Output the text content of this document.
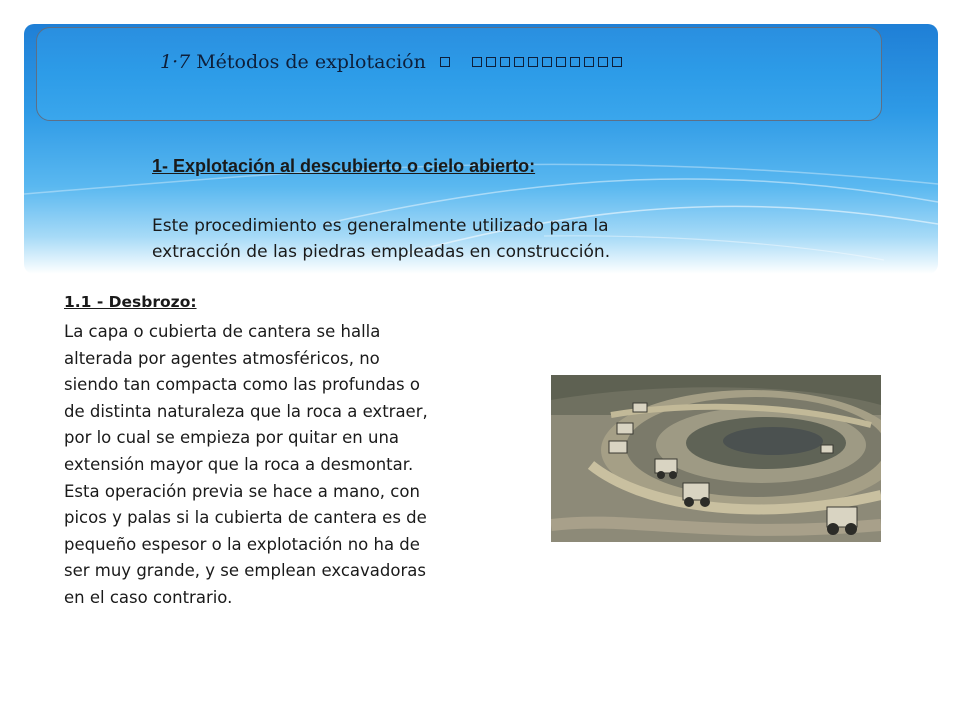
1·7 Métodos de explotación
1- Explotación al descubierto o cielo abierto:
Este procedimiento es generalmente utilizado para la
extracción de las piedras empleadas en construcción.
1.1 - Desbrozo:
La capa o cubierta de cantera se halla
alterada por agentes atmosféricos, no
siendo tan compacta como las profundas o
de distinta naturaleza que la roca a extraer,
por lo cual se empieza por quitar en una
extensión mayor que la roca a desmontar.
Esta operación previa se hace a mano, con
picos y palas si la cubierta de cantera es de
pequeño espesor o la explotación no ha de
ser muy grande, y se emplean excavadoras
en el caso contrario.
